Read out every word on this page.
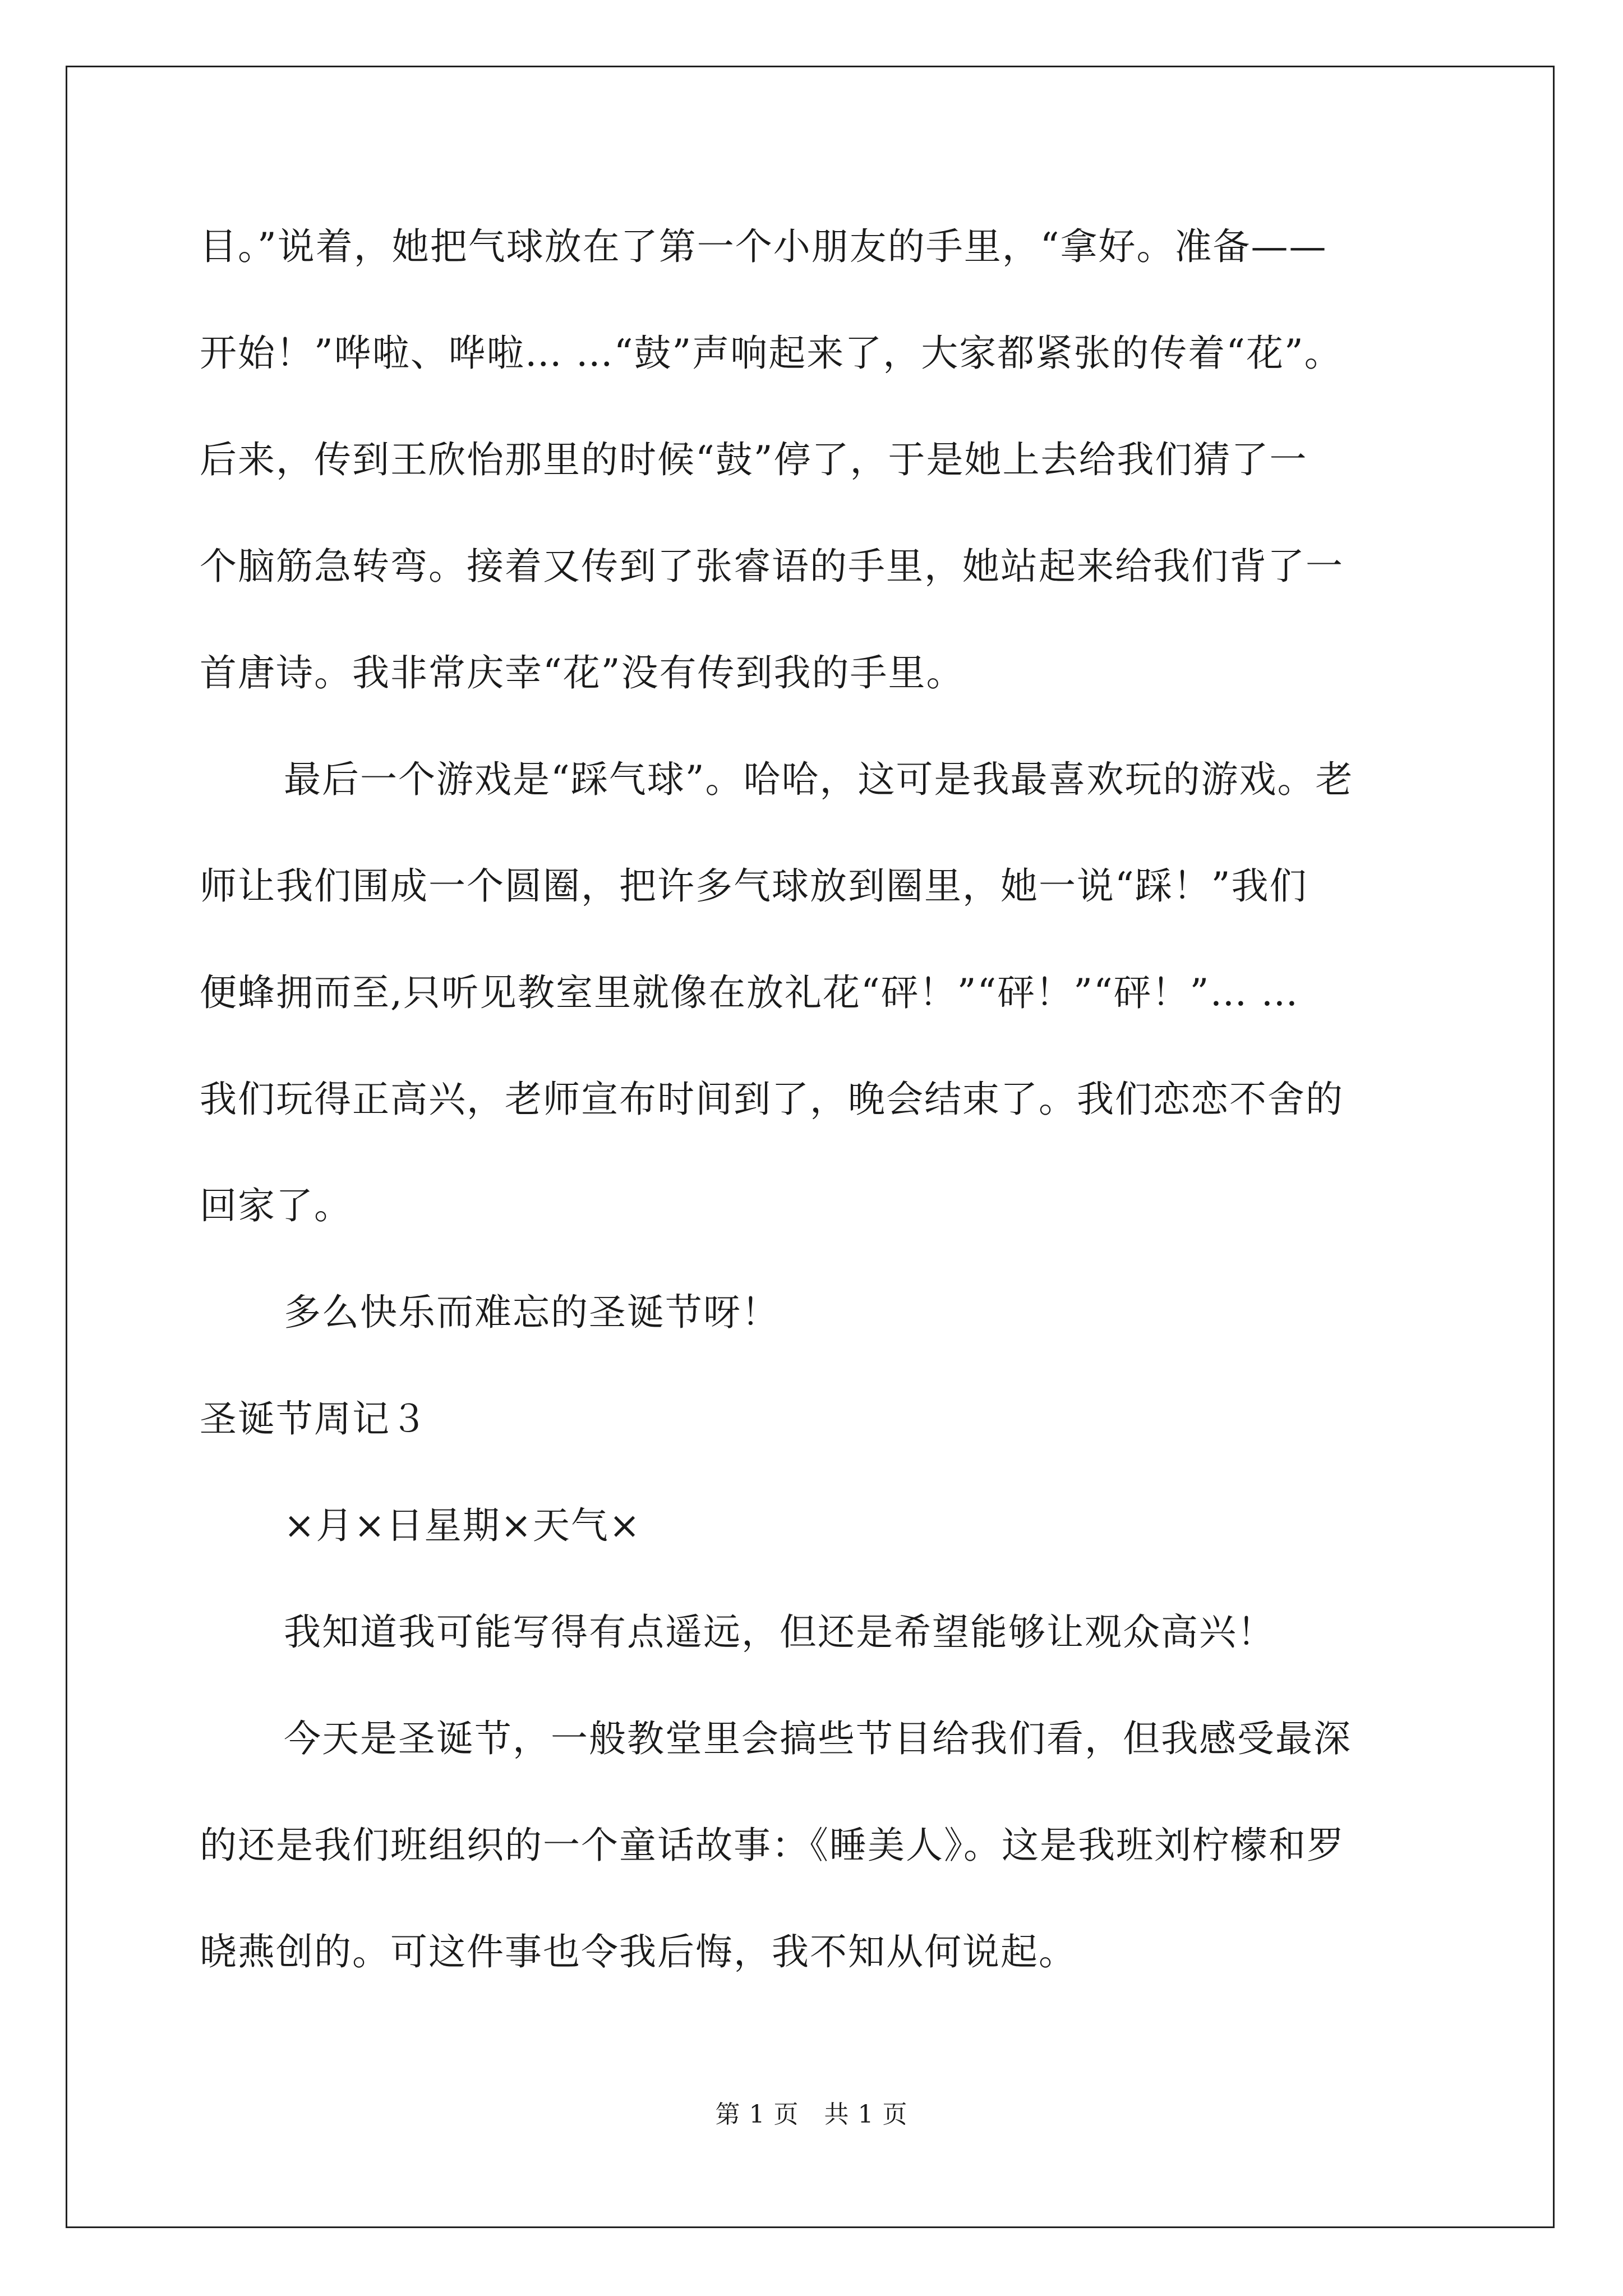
目。”说着，她把气球放在了第一个小朋友的手里，“拿好。准备——
开始！”哗啦、哗啦… …“鼓”声响起来了，大家都紧张的传着“花”。
后来，传到王欣怡那里的时候“鼓”停了，于是她上去给我们猜了一
个脑筋急转弯。接着又传到了张睿语的手里，她站起来给我们背了一
首唐诗。我非常庆幸“花”没有传到我的手里。
最后一个游戏是“踩气球”。哈哈，这可是我最喜欢玩的游戏。老
师让我们围成一个圆圈，把许多气球放到圈里，她一说“踩！”我们
便蜂拥而至,只听见教室里就像在放礼花“砰！”“砰！”“砰！”… …
我们玩得正高兴，老师宣布时间到了，晚会结束了。我们恋恋不舍的
回家了。
多么快乐而难忘的圣诞节呀！
圣诞节周记３
×月×日星期×天气×
我知道我可能写得有点遥远，但还是希望能够让观众高兴！
今天是圣诞节，一般教堂里会搞些节目给我们看，但我感受最深
的还是我们班组织的一个童话故事：《睡美人》。这是我班刘柠檬和罗
晓燕创的。可这件事也令我后悔，我不知从何说起。
第 1 页 共 1 页
